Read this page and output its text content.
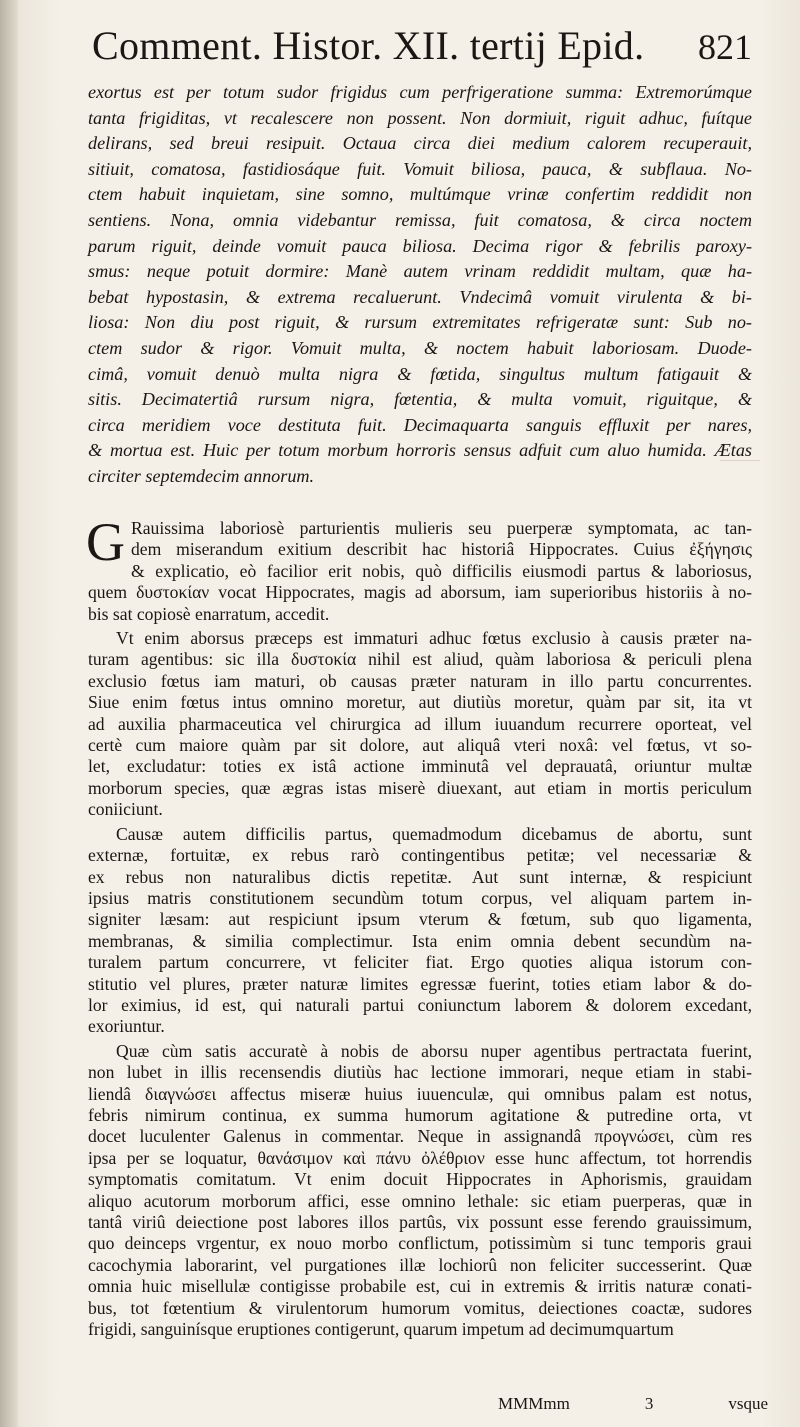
Comment. Histor. XII. tertij Epid. 821
exortus est per totum sudor frigidus cum perfrigeratione summa: Extremorúmque
tanta frigiditas, vt recalescere non possent. Non dormiuit, riguit adhuc, fuítque
delirans, sed breui resipuit. Octaua circa diei medium calorem recuperauit,
sitiuit, comatosa, fastidiosáque fuit. Vomuit biliosa, pauca, & subflaua. No-
ctem habuit inquietam, sine somno, multúmque vrinæ confertim reddidit non
sentiens. Nona, omnia videbantur remissa, fuit comatosa, & circa noctem
parum riguit, deinde vomuit pauca biliosa. Decima rigor & febrilis paroxy-
smus: neque potuit dormire: Manè autem vrinam reddidit multam, quæ ha-
bebat hypostasin, & extrema recaluerunt. Vndecimâ vomuit virulenta & bi-
liosa: Non diu post riguit, & rursum extremitates refrigeratæ sunt: Sub no-
ctem sudor & rigor. Vomuit multa, & noctem habuit laboriosam. Duode-
cimâ, vomuit denuò multa nigra & fœtida, singultus multum fatigauit &
sitis. Decimatertiâ rursum nigra, fœtentia, & multa vomuit, riguitque, &
circa meridiem voce destituta fuit. Decimaquarta sanguis effluxit per nares,
& mortua est. Huic per totum morbum horroris sensus adfuit cum aluo humida. Ætas
circiter septemdecim annorum.
G Rauissima laboriosè parturientis mulieris seu puerperæ symptomata, ac tan-
dem miserandum exitium describit hac historiâ Hippocrates. Cuius ἐξήγησις
& explicatio, eò facilior erit nobis, quò difficilis eiusmodi partus & laboriosus,
quem δυστοκίαν vocat Hippocrates, magis ad aborsum, iam superioribus historiis à no-
bis sat copiosè enarratum, accedit.
Vt enim aborsus præceps est immaturi adhuc fœtus exclusio à causis præter na-
turam agentibus: sic illa δυστοκία nihil est aliud, quàm laboriosa & periculi plena
exclusio fœtus iam maturi, ob causas præter naturam in illo partu concurrentes.
Siue enim fœtus intus omnino moretur, aut diutiùs moretur, quàm par sit, ita vt
ad auxilia pharmaceutica vel chirurgica ad illum iuuandum recurrere oporteat, vel
certè cum maiore quàm par sit dolore, aut aliquâ vteri noxâ: vel fœtus, vt so-
let, excludatur: toties ex istâ actione imminutâ vel deprauatâ, oriuntur multæ
morborum species, quæ ægras istas miserè diuexant, aut etiam in mortis periculum
coniiciunt.
Causæ autem difficilis partus, quemadmodum dicebamus de abortu, sunt
externæ, fortuitæ, ex rebus rarò contingentibus petitæ; vel necessariæ &
ex rebus non naturalibus dictis repetitæ. Aut sunt internæ, & respiciunt
ipsius matris constitutionem secundùm totum corpus, vel aliquam partem in-
signiter læsam: aut respiciunt ipsum vterum & fœtum, sub quo ligamenta,
membranas, & similia complectimur. Ista enim omnia debent secundùm na-
turalem partum concurrere, vt feliciter fiat. Ergo quoties aliqua istorum con-
stitutio vel plures, præter naturæ limites egressæ fuerint, toties etiam labor & do-
lor eximius, id est, qui naturali partui coniunctum laborem & dolorem excedant,
exoriuntur.
Quæ cùm satis accuratè à nobis de aborsu nuper agentibus pertractata fuerint,
non lubet in illis recensendis diutiùs hac lectione immorari, neque etiam in stabi-
liendâ διαγνώσει affectus miseræ huius iuuenculæ, qui omnibus palam est notus,
febris nimirum continua, ex summa humorum agitatione & putredine orta, vt
docet luculenter Galenus in commentar. Neque in assignandâ προγνώσει, cùm res
ipsa per se loquatur, θανάσιμον καὶ πάνυ ὀλέθριον esse hunc affectum, tot horrendis
symptomatis comitatum. Vt enim docuit Hippocrates in Aphorismis, grauidam
aliquo acutorum morborum affici, esse omnino lethale: sic etiam puerperas, quæ in
tantâ viriû deiectione post labores illos partûs, vix possunt esse ferendo grauissimum,
quo deinceps vrgentur, ex nouo morbo conflictum, potissimùm si tunc temporis graui
cacochymia laborarint, vel purgationes illæ lochiorû non feliciter successerint. Quæ
omnia huic misellulæ contigisse probabile est, cui in extremis & irritis naturæ conati-
bus, tot fœtentium & virulentorum humorum vomitus, deiectiones coactæ, sudores
frigidi, sanguinísque eruptiones contigerunt, quarum impetum ad decimumquartum
MMMmm	3	vsque
